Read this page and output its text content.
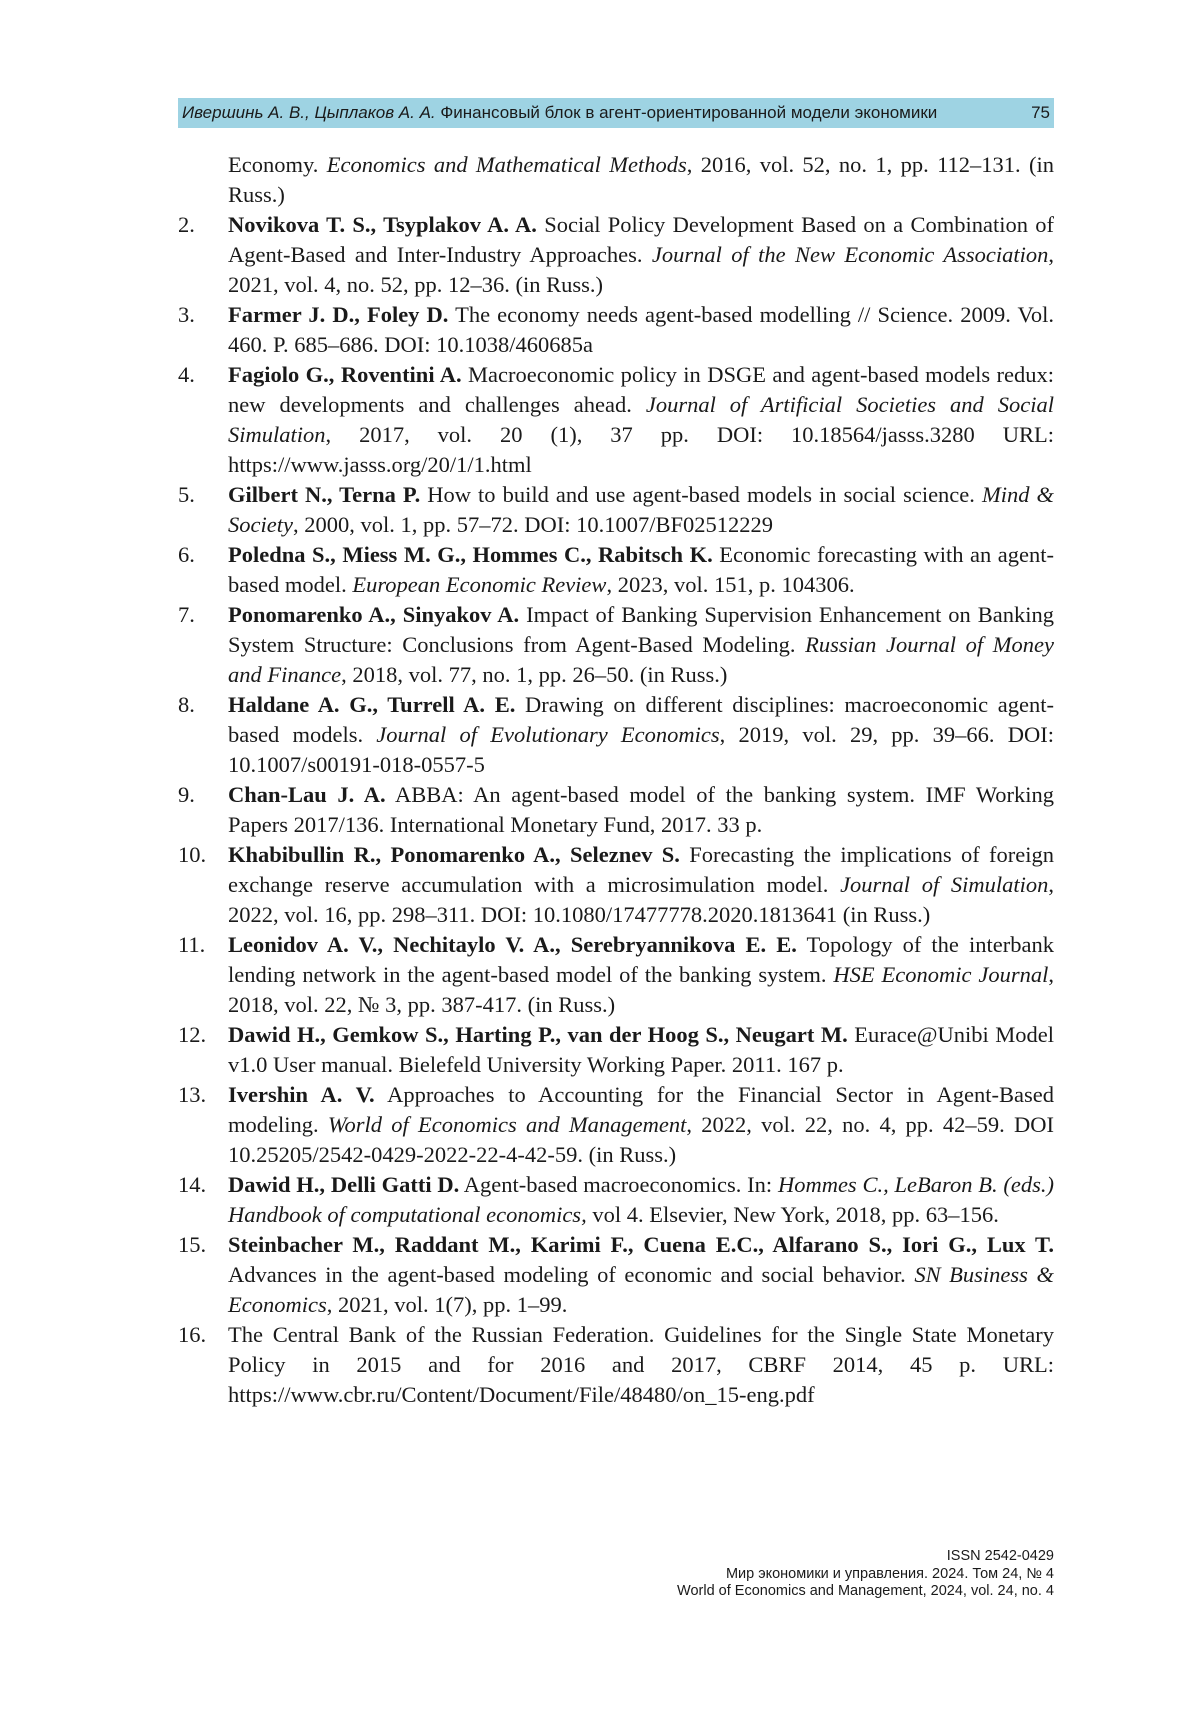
Ивершинь А. В., Цыплаков А. А. Финансовый блок в агент-ориентированной модели экономики	75
Economy. Economics and Mathematical Methods, 2016, vol. 52, no. 1, pp. 112–131. (in Russ.)
2.	Novikova T. S., Tsyplakov A. A. Social Policy Development Based on a Combination of Agent-Based and Inter-Industry Approaches. Journal of the New Economic Association, 2021, vol. 4, no. 52, pp. 12–36. (in Russ.)
3.	Farmer J. D., Foley D. The economy needs agent-based modelling // Science. 2009. Vol. 460. P. 685–686. DOI: 10.1038/460685a
4.	Fagiolo G., Roventini A. Macroeconomic policy in DSGE and agent-based models redux: new developments and challenges ahead. Journal of Artificial Societies and Social Simulation, 2017, vol. 20 (1), 37 pp. DOI: 10.18564/jasss.3280 URL: https://www.jasss.org/20/1/1.html
5.	Gilbert N., Terna P. How to build and use agent-based models in social science. Mind & Society, 2000, vol. 1, pp. 57–72. DOI: 10.1007/BF02512229
6.	Poledna S., Miess M. G., Hommes C., Rabitsch K. Economic forecasting with an agent-based model. European Economic Review, 2023, vol. 151, p. 104306.
7.	Ponomarenko A., Sinyakov A. Impact of Banking Supervision Enhancement on Banking System Structure: Conclusions from Agent-Based Modeling. Russian Journal of Money and Finance, 2018, vol. 77, no. 1, pp. 26–50. (in Russ.)
8.	Haldane A. G., Turrell A. E. Drawing on different disciplines: macroeconomic agent-based models. Journal of Evolutionary Economics, 2019, vol. 29, pp. 39–66. DOI: 10.1007/s00191-018-0557-5
9.	Chan-Lau J. A. ABBA: An agent-based model of the banking system. IMF Working Papers 2017/136. International Monetary Fund, 2017. 33 p.
10. Khabibullin R., Ponomarenko A., Seleznev S. Forecasting the implications of foreign exchange reserve accumulation with a microsimulation model. Journal of Simulation, 2022, vol. 16, pp. 298–311. DOI: 10.1080/17477778.2020.1813641 (in Russ.)
11.	Leonidov A. V., Nechitaylo V. A., Serebryannikova E. E. Topology of the interbank lending network in the agent-based model of the banking system. HSE Economic Journal, 2018, vol. 22, № 3, pp. 387-417. (in Russ.)
12. Dawid H., Gemkow S., Harting P., van der Hoog S., Neugart M. Eurace@Unibi Model v1.0 User manual. Bielefeld University Working Paper. 2011. 167 p.
13. Ivershin A. V. Approaches to Accounting for the Financial Sector in Agent-Based modeling. World of Economics and Management, 2022, vol. 22, no. 4, pp. 42–59. DOI 10.25205/2542-0429-2022-22-4-42-59. (in Russ.)
14. Dawid H., Delli Gatti D. Agent-based macroeconomics. In: Hommes C., LeBaron B. (eds.) Handbook of computational economics, vol 4. Elsevier, New York, 2018, pp. 63–156.
15. Steinbacher M., Raddant M., Karimi F., Cuena E.C., Alfarano S., Iori G., Lux T. Advances in the agent-based modeling of economic and social behavior. SN Business & Economics, 2021, vol. 1(7), pp. 1–99.
16. The Central Bank of the Russian Federation. Guidelines for the Single State Monetary Policy in 2015 and for 2016 and 2017, CBRF 2014, 45 p. URL: https://www.cbr.ru/Content/Document/File/48480/on_15-eng.pdf
ISSN 2542-0429
Мир экономики и управления. 2024. Том 24, № 4
World of Economics and Management, 2024, vol. 24, no. 4
